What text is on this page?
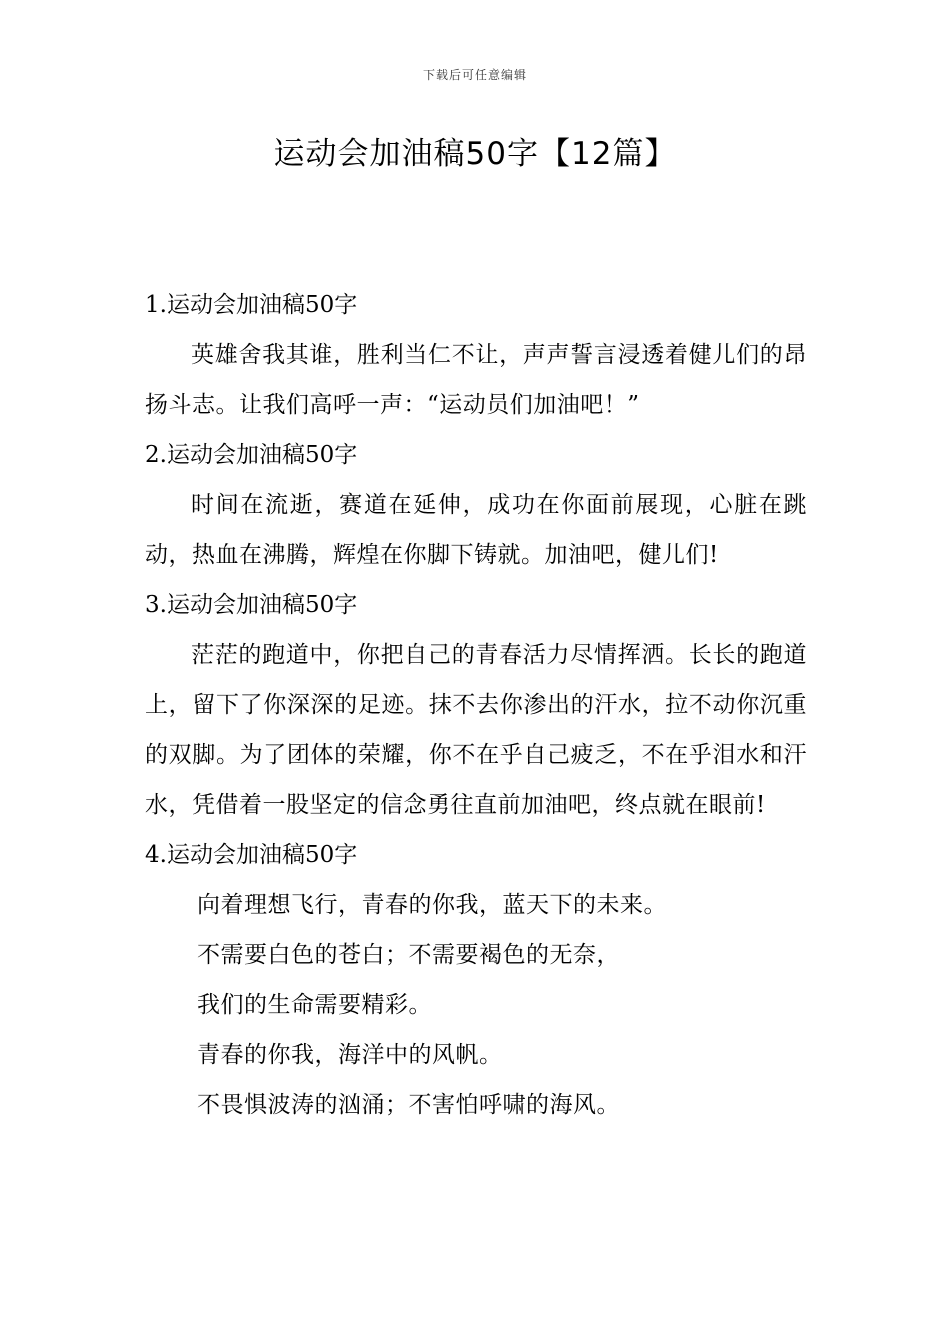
下载后可任意编辑
运动会加油稿50字【12篇】

1.运动会加油稿50字

英雄舍我其谁，胜利当仁不让，声声誓言浸透着健儿们的昂扬斗志。让我们高呼一声：“运动员们加油吧！”

2.运动会加油稿50字

时间在流逝，赛道在延伸，成功在你面前展现，心脏在跳动，热血在沸腾，辉煌在你脚下铸就。加油吧，健儿们!

3.运动会加油稿50字

茫茫的跑道中，你把自己的青春活力尽情挥洒。长长的跑道上，留下了你深深的足迹。抹不去你渗出的汗水，拉不动你沉重的双脚。为了团体的荣耀，你不在乎自己疲乏，不在乎泪水和汗水，凭借着一股坚定的信念勇往直前加油吧，终点就在眼前!

4.运动会加油稿50字

向着理想飞行，青春的你我，蓝天下的未来。

不需要白色的苍白；不需要褐色的无奈，

我们的生命需要精彩。

青春的你我，海洋中的风帆。

不畏惧波涛的汹涌；不害怕呼啸的海风。
